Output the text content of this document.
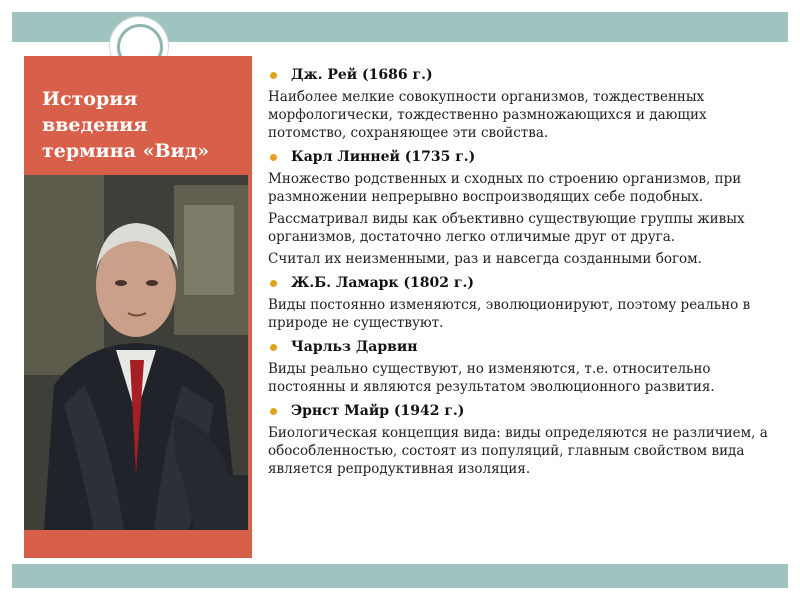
История
введения
термина «Вид»
Дж. Рей (1686 г.)

Наиболее мелкие совокупности организмов, тождественных морфологически, тождественно размножающихся и дающих потомство, сохраняющее эти свойства.

Карл Линней (1735 г.)

Множество родственных и сходных по строению организмов, при размножении непрерывно воспроизводящих себе подобных.

Рассматривал виды как объективно существующие группы живых организмов, достаточно легко отличимые друг от друга.

Считал их неизменными, раз и навсегда созданными богом.

Ж.Б. Ламарк (1802 г.)

Виды постоянно изменяются, эволюционируют, поэтому реально в природе не существуют.

Чарльз Дарвин

Виды реально существуют, но изменяются, т.е. относительно постоянны и являются результатом эволюционного развития.

Эрнст Майр (1942 г.)

Биологическая концепция вида: виды определяются не различием, а обособленностью, состоят из популяций, главным свойством вида является репродуктивная изоляция.
